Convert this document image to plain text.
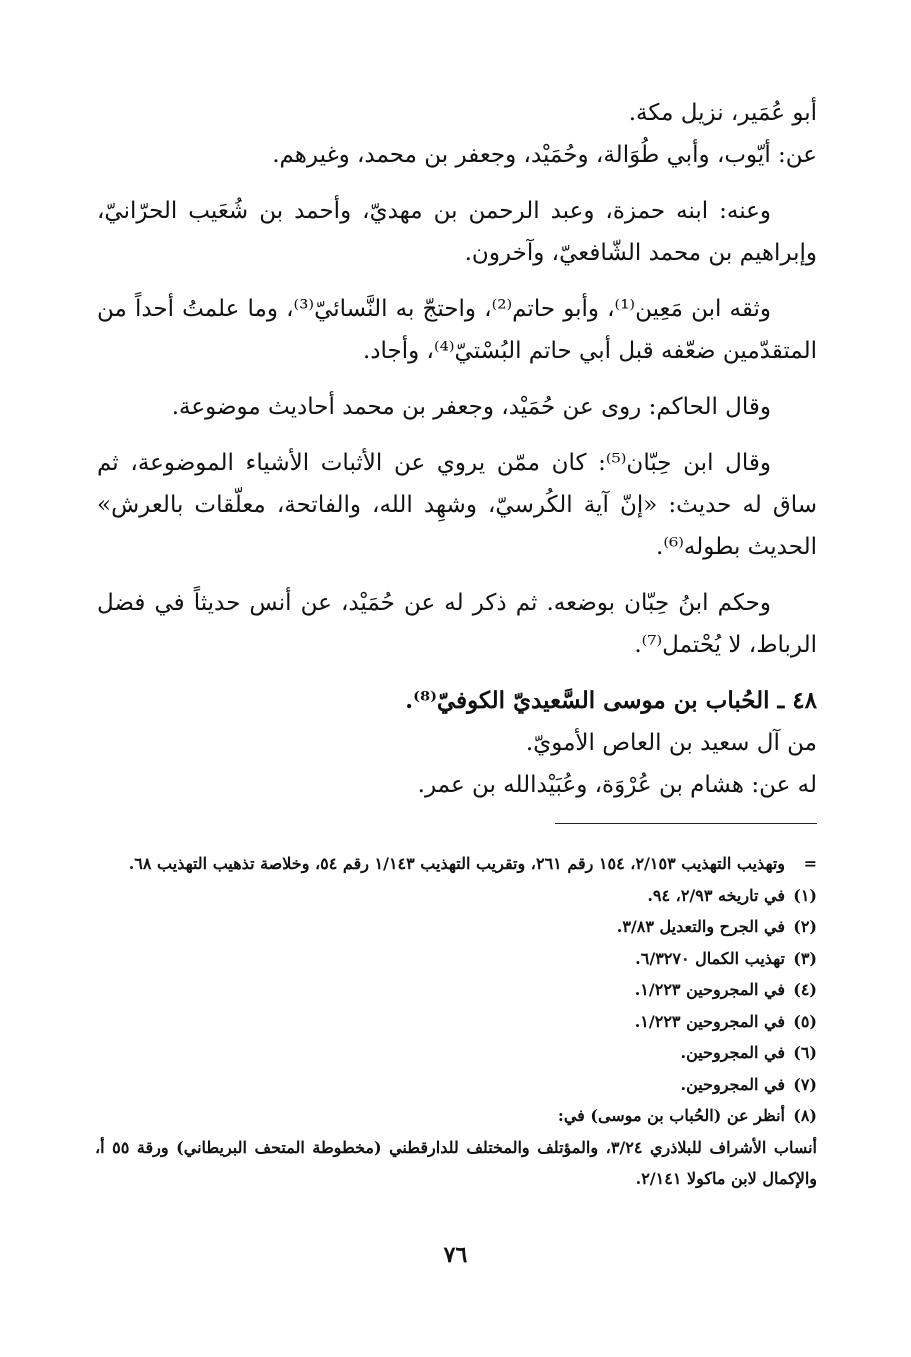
أبو عُمَير، نزيل مكة.

عن: أيّوب، وأبي طُوَالة، وحُمَيْد، وجعفر بن محمد، وغيرهم.

وعنه: ابنه حمزة، وعبد الرحمن بن مهديّ، وأحمد بن شُعَيب الحرّانيّ، وإبراهيم بن محمد الشّافعيّ، وآخرون.

وثقه ابن مَعِين⁽¹⁾، وأبو حاتم⁽²⁾، واحتجّ به النَّسائيّ⁽³⁾، وما علمتُ أحداً من المتقدّمين ضعّفه قبل أبي حاتم البُسْتيّ⁽⁴⁾، وأجاد.

وقال الحاكم: روى عن حُمَيْد، وجعفر بن محمد أحاديث موضوعة.

وقال ابن حِبّان⁽⁵⁾: كان ممّن يروي عن الأثبات الأشياء الموضوعة، ثم ساق له حديث: «إنّ آية الكُرسيّ، وشهِد الله، والفاتحة، معلّقات بالعرش» الحديث بطوله⁽⁶⁾.

وحكم ابنُ حِبّان بوضعه. ثم ذكر له عن حُمَيْد، عن أنس حديثاً في فضل الرباط، لا يُحْتمل⁽⁷⁾.

٤٨ ـ الحُباب بن موسى السَّعيديّ الكوفيّ⁽⁸⁾.

من آل سعيد بن العاص الأمويّ.

له عن: هشام بن عُرْوَة، وعُبَيْدالله بن عمر.

=وتهذيب التهذيب ٢/١٥٣، ١٥٤ رقم ٢٦١، وتقريب التهذيب ١/١٤٣ رقم ٥٤، وخلاصة تذهيب التهذيب ٦٨.
(١)في تاريخه ٢/٩٣، ٩٤.
(٢)في الجرح والتعديل ٣/٨٣.
(٣)تهذيب الكمال ٦/٣٢٧٠.
(٤)في المجروحين ١/٢٢٣.
(٥)في المجروحين ١/٢٢٣.
(٦)في المجروحين.
(٧)في المجروحين.
(٨)أنظر عن (الحُباب بن موسى) في:
أنساب الأشراف للبلاذري ٣/٢٤، والمؤتلف والمختلف للدارقطني (مخطوطة المتحف البريطاني) ورقة ٥٥ أ، والإكمال لابن ماكولا ٢/١٤١.
٧٦
